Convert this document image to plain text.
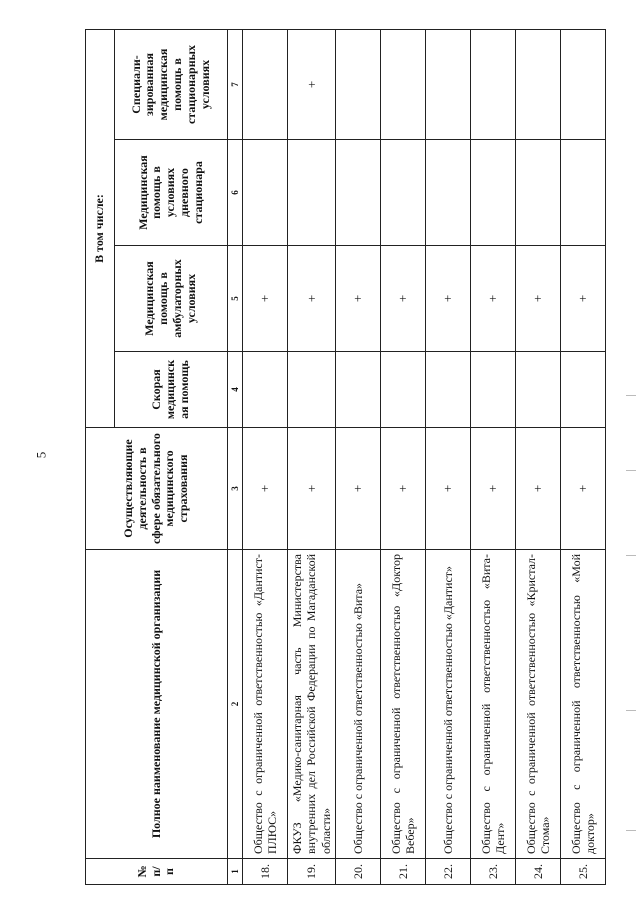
5
№ п/п	Полное наименование медицинской организации	Осуществляющие деятельность в сфере обязательного медицинского страхования	В том числе:			
			Скорая медицинск ая помощь	Медицинская помощь в амбулаторных условиях	Медицинская помощь в условиях дневного стационара	Специали-зированная медицинская помощь в стационарных условиях
1	2	3	4	5	6	7
18.	Общество с ограниченной ответственностью «Дантист-ПЛЮС»	+		+		
19.	ФКУЗ «Медико-санитарная часть Министерства внутренних дел Российской Федерации по Магаданской области»	+		+		+
20.	Общество с ограниченной ответственностью «Вита»	+		+		
21.	Общество с ограниченной ответственностью «Доктор Вебер»	+		+		
22.	Общество с ограниченной ответственностью «Дантист»	+		+		
23.	Общество с ограниченной ответственностью «Вита-Дент»	+		+		
24.	Общество с ограниченной ответственностью «Кристал-Стома»	+		+		
25.	Общество с ограниченной ответственностью «Мой доктор»	+		+		
